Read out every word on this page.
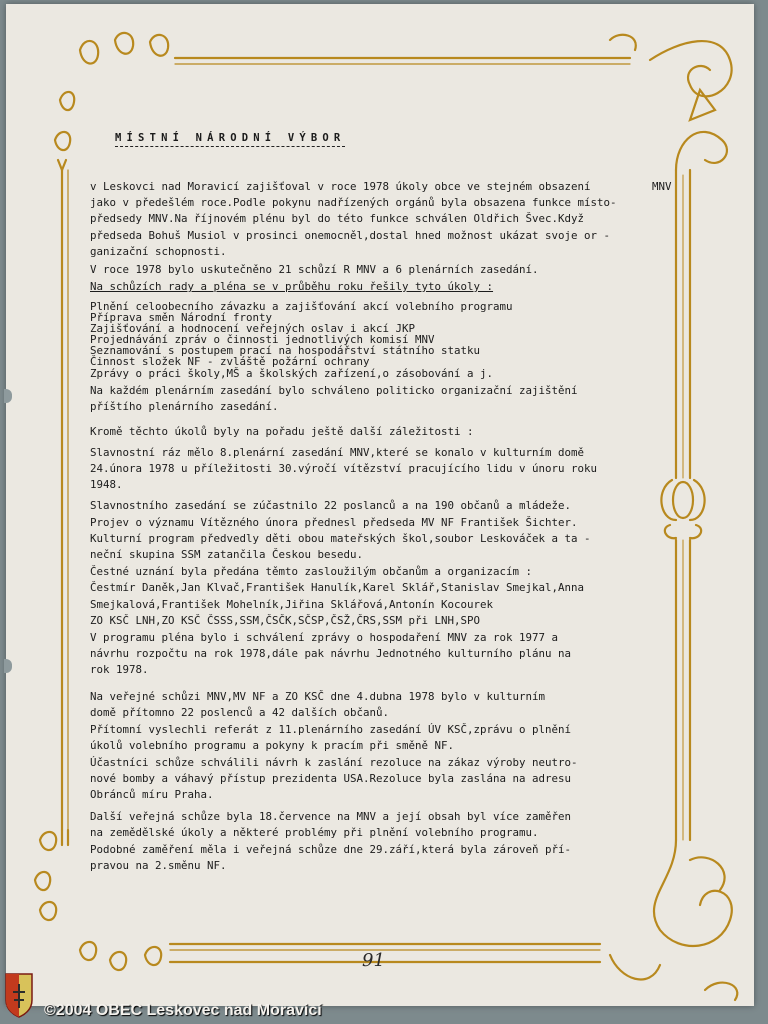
MÍSTNÍ NÁRODNÍ VÝBOR
MNV
v Leskovci nad Moravicí zajišťoval v roce 1978 úkoly obce ve stejném obsazení
jako v předešlém roce.Podle pokynu nadřízených orgánů byla obsazena funkce místo-
předsedy MNV.Na říjnovém plénu byl do této funkce schválen Oldřich Švec.Když
předseda Bohuš Musiol v prosinci onemocněl,dostal hned možnost ukázat svoje or -
ganizační schopnosti.
V roce 1978 bylo uskutečněno 21 schůzí R MNV a 6 plenárních zasedání.
Na schůzích rady a pléna se v průběhu roku řešily tyto úkoly :
Plnění celoobecního závazku a zajišťování akcí volebního programu
Příprava směn Národní fronty
Zajišťování a hodnocení veřejných oslav i akcí JKP
Projednávání zpráv o činnosti jednotlivých komisí MNV
Seznamování s postupem prací na hospodářství státního statku
Činnost složek NF - zvláště požární ochrany
Zprávy o práci školy,MŠ a školských zařízení,o zásobování a j.
Na každém plenárním zasedání bylo schváleno politicko organizační zajištění
příštího plenárního zasedání.
Kromě těchto úkolů byly na pořadu ještě další záležitosti :
Slavnostní ráz mělo 8.plenární zasedání MNV,které se konalo v kulturním domě
24.února 1978 u příležitosti 30.výročí vítězství pracujícího lidu v únoru roku
1948.
Slavnostního zasedání se zúčastnilo 22 poslanců a na 190 občanů a mládeže.
Projev o významu Vítězného února přednesl předseda MV NF František Šichter.
Kulturní program předvedly děti obou mateřských škol,soubor Leskováček a ta -
neční skupina SSM zatančila Českou besedu.
Čestné uznání byla předána těmto zasloužilým občanům a organizacím :
Čestmír Daněk,Jan Klvač,František Hanulík,Karel Sklář,Stanislav Smejkal,Anna
Smejkalová,František Mohelník,Jiřina Sklářová,Antonín Kocourek
ZO KSČ LNH,ZO KSČ ČSSS,SSM,ČSČK,SČSP,ČSŽ,ČRS,SSM při LNH,SPO
V programu pléna bylo i schválení zprávy o hospodaření MNV za rok 1977 a
návrhu rozpočtu na rok 1978,dále pak návrhu Jednotného kulturního plánu na
rok 1978.
Na veřejné schůzi MNV,MV NF a ZO KSČ dne 4.dubna 1978 bylo v kulturním
domě přítomno 22 poslenců a 42 dalších občanů.
Přítomní vyslechli referát z 11.plenárního zasedání ÚV KSČ,zprávu o plnění
úkolů volebního programu a pokyny k pracím při směně NF.
Účastníci schůze schválili návrh k zaslání rezoluce na zákaz výroby neutro-
nové bomby a váhavý přístup prezidenta USA.Rezoluce byla zaslána na adresu
Obránců míru Praha.
Další veřejná schůze byla 18.července na MNV a její obsah byl více zaměřen
na zemědělské úkoly a některé problémy při plnění volebního programu.
Podobné zaměření měla i veřejná schůze dne 29.září,která byla zároveň pří-
pravou na 2.směnu NF.
91
©2004 OBEC Leskovec nad Moravicí
